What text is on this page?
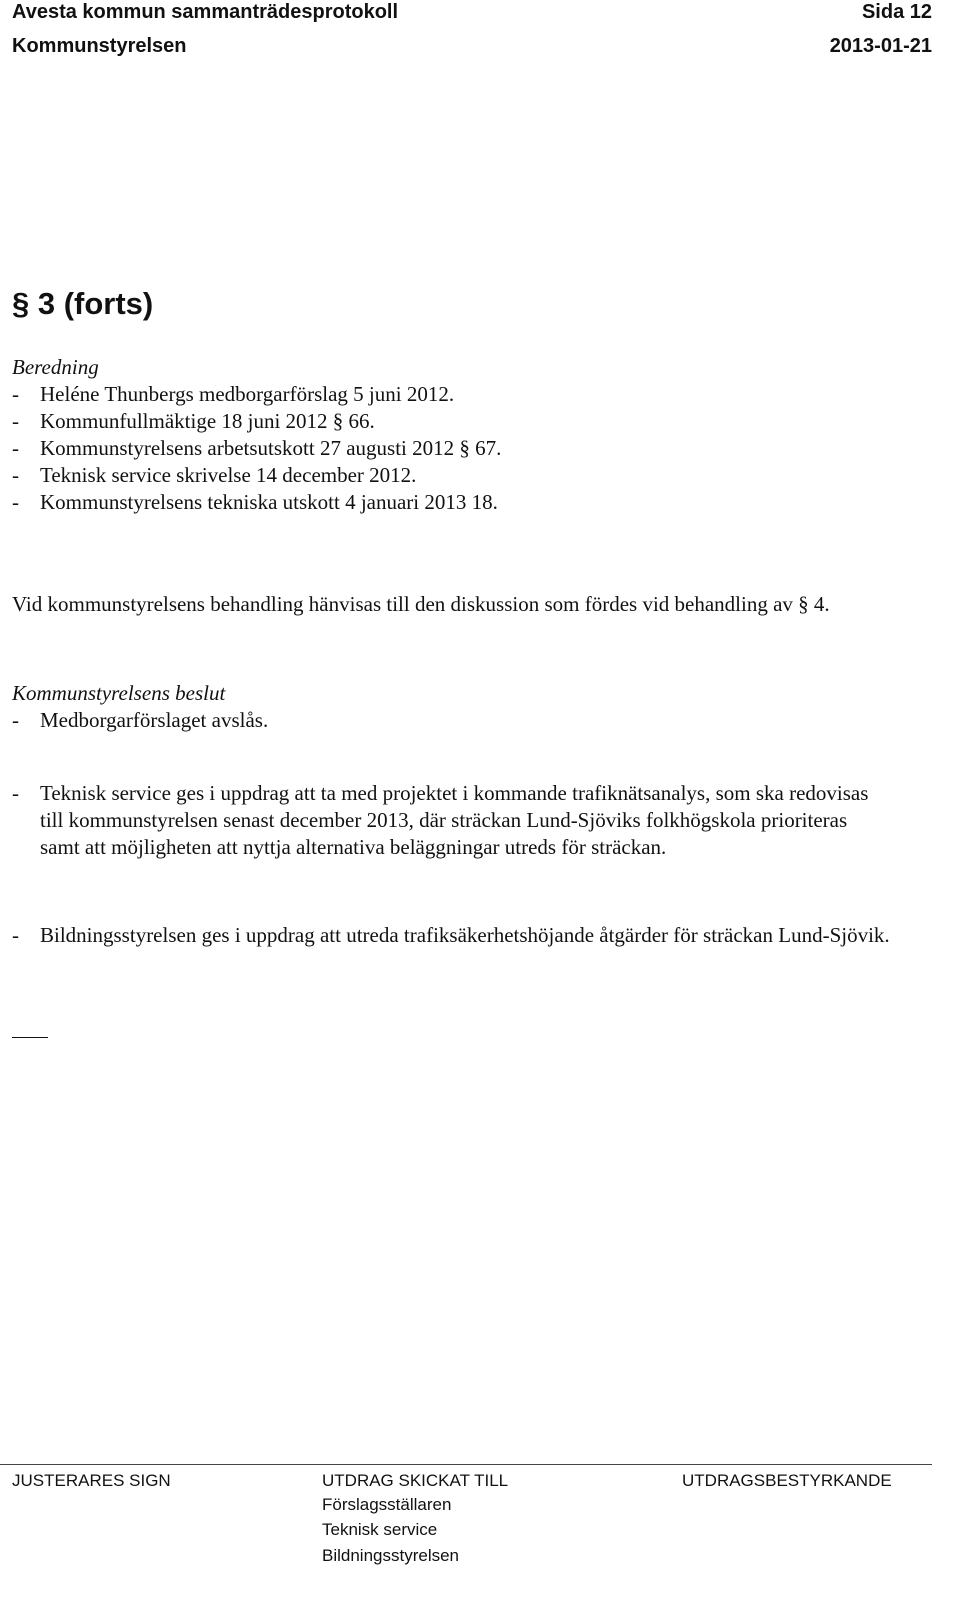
Avesta kommun sammanträdesprotokoll	Sida 12
Kommunstyrelsen	2013-01-21
§ 3 (forts)
Beredning
- Heléne Thunbergs medborgarförslag 5 juni 2012.
- Kommunfullmäktige 18 juni 2012 § 66.
- Kommunstyrelsens arbetsutskott 27 augusti 2012 § 67.
- Teknisk service skrivelse 14 december 2012.
- Kommunstyrelsens tekniska utskott 4 januari 2013 18.
Vid kommunstyrelsens behandling hänvisas till den diskussion som fördes vid behandling av § 4.
Kommunstyrelsens beslut
- Medborgarförslaget avslås.
- Teknisk service ges i uppdrag att ta med projektet i kommande trafiknätsanalys, som ska redovisas till kommunstyrelsen senast december 2013, där sträckan Lund-Sjöviks folkhögskola prioriteras samt att möjligheten att nyttja alternativa beläggningar utreds för sträckan.
- Bildningsstyrelsen ges i uppdrag att utreda trafiksäkerhetshöjande åtgärder för sträckan Lund-Sjövik.
JUSTERARES SIGN	UTDRAG SKICKAT TILL	UTDRAGSBESTYRKANDE
Förslagsställaren
Teknisk service
Bildningsstyrelsen
